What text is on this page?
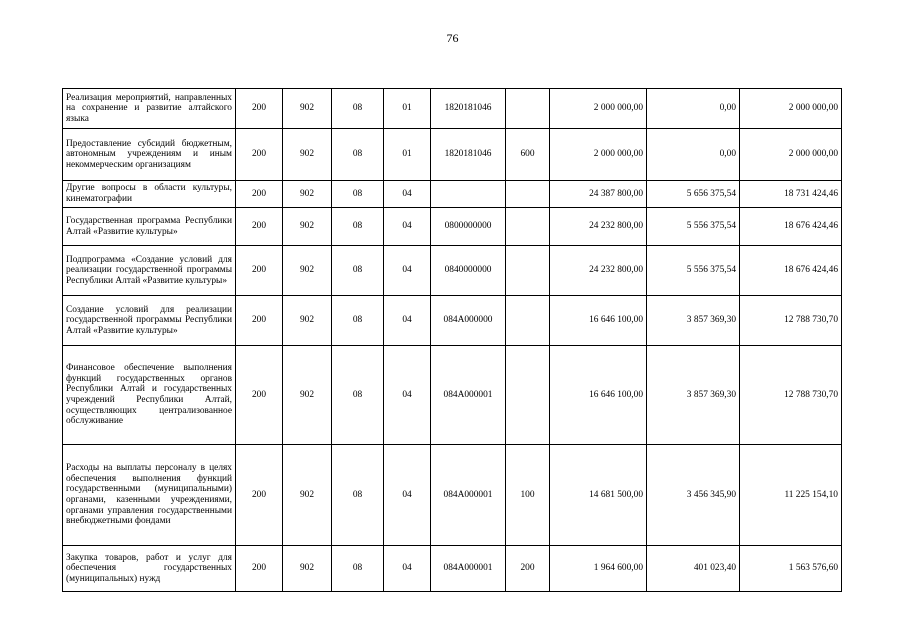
76
Реализация мероприятий, направленных на сохранение и развитие алтайского языка	200	902	08	01	1820181046		2 000 000,00	0,00	2 000 000,00
Предоставление субсидий бюджетным, автономным учреждениям и иным некоммерческим организациям	200	902	08	01	1820181046	600	2 000 000,00	0,00	2 000 000,00
Другие вопросы в области культуры, кинематографии	200	902	08	04			24 387 800,00	5 656 375,54	18 731 424,46
Государственная программа Республики Алтай «Развитие культуры»	200	902	08	04	0800000000		24 232 800,00	5 556 375,54	18 676 424,46
Подпрограмма «Создание условий для реализации государственной программы Республики Алтай «Развитие культуры»	200	902	08	04	0840000000		24 232 800,00	5 556 375,54	18 676 424,46
Создание условий для реализации государственной программы Республики Алтай «Развитие культуры»	200	902	08	04	084A000000		16 646 100,00	3 857 369,30	12 788 730,70
Финансовое обеспечение выполнения функций государственных органов Республики Алтай и государственных учреждений Республики Алтай, осуществляющих централизованное обслуживание	200	902	08	04	084A000001		16 646 100,00	3 857 369,30	12 788 730,70
Расходы на выплаты персоналу в целях обеспечения выполнения функций государственными (муниципальными) органами, казенными учреждениями, органами управления государственными внебюджетными фондами	200	902	08	04	084A000001	100	14 681 500,00	3 456 345,90	11 225 154,10
Закупка товаров, работ и услуг для обеспечения государственных (муниципальных) нужд	200	902	08	04	084A000001	200	1 964 600,00	401 023,40	1 563 576,60
